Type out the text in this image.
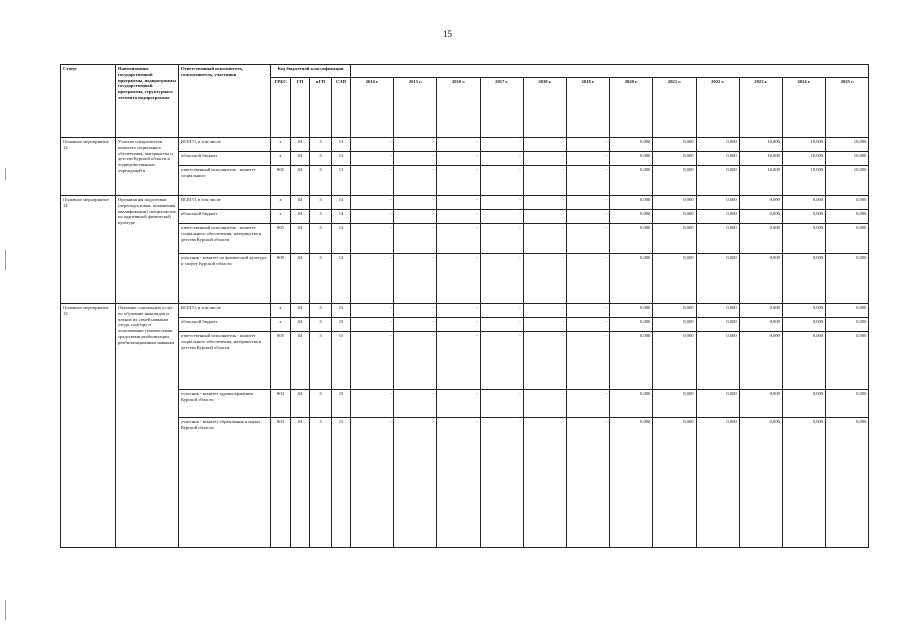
15
Статус	Наименование государственной программы, подпрограммы государственной программы, структурного элемента подпрограммы	Ответственный исполнитель, соисполнитель, участники	Код бюджетной классификации															
			ГРБС	ГП	пГП	СЭП	2014 г.	2015 г.	2016 г.	2017 г.	2018 г.	2019 г.	2020 г.	2021 г.	2022 г.	2023 г.	2024 г.	2025 г.
Основное мероприятие 13	Участие специалистов комитета социального обеспечения, материнства и детства Курской области и подведомственных учреждений в	ВСЕГО, в том числе	х	04	3	13	-	-	-	-	-	-	0,000	0,000	0,000	10,000	10,000	10,000
		областной бюджет	х	04	3	13	-	-	-	-	-	-	0,000	0,000	0,000	10,000	10,000	10,000
		ответственный исполнитель - комитет социального	805	04	3	13	-	-	-	-	-	-	0,000	0,000	0,000	10,000	10,000	10,000
Основное мероприятие 14	Организация подготовки (переподготовки, повышения квалификации) специалистов по адаптивной физической культуре	ВСЕГО, в том числе	х	04	3	14	-	-	-	-	-	-	0,000	0,000	0,000	0,000	0,000	0,000
		областной бюджет	х	04	3	14	-	-	-	-	-	-	0,000	0,000	0,000	0,000	0,000	0,000
		ответственный исполнитель - комитет социального обеспечения, материнства и детства Курской области	805	04	3	14	-	-	-	-	-	-	0,000	0,000	0,000	0,000	0,000	0,000
		участник - комитет по физической культуре и спорту Курской области	809	04	3	14	-	-	-	-	-	-	0,000	0,000	0,000	0,000	0,000	0,000
Основное мероприятие 15	Оказание социальных услуг по обучению инвалидов и членов их семей навыкам ухода, подбору и пользованию техническими средствами реабилитации, реабилитационным навыкам	ВСЕГО, в том числе	х	04	3	15	-	-	-	-	-	-	0,000	0,000	0,000	0,000	0,000	0,000
		областной бюджет	х	04	3	15	-	-	-	-	-	-	0,000	0,000	0,000	0,000	0,000	0,000
		ответственный исполнитель - комитет социального обеспечения, материнства и детства Курской области	805	04	3	15	-	-	-	-	-	-	0,000	0,000	0,000	0,000	0,000	0,000
		участник - комитет здравоохранения Курской области	804	04	3	15	-	-	-	-	-	-	0,000	0,000	0,000	0,000	0,000	0,000
		участник - комитет образования и науки Курской области	803	04	3	15	-	-	-	-	-	-	0,000	0,000	0,000	0,000	0,000	0,000
